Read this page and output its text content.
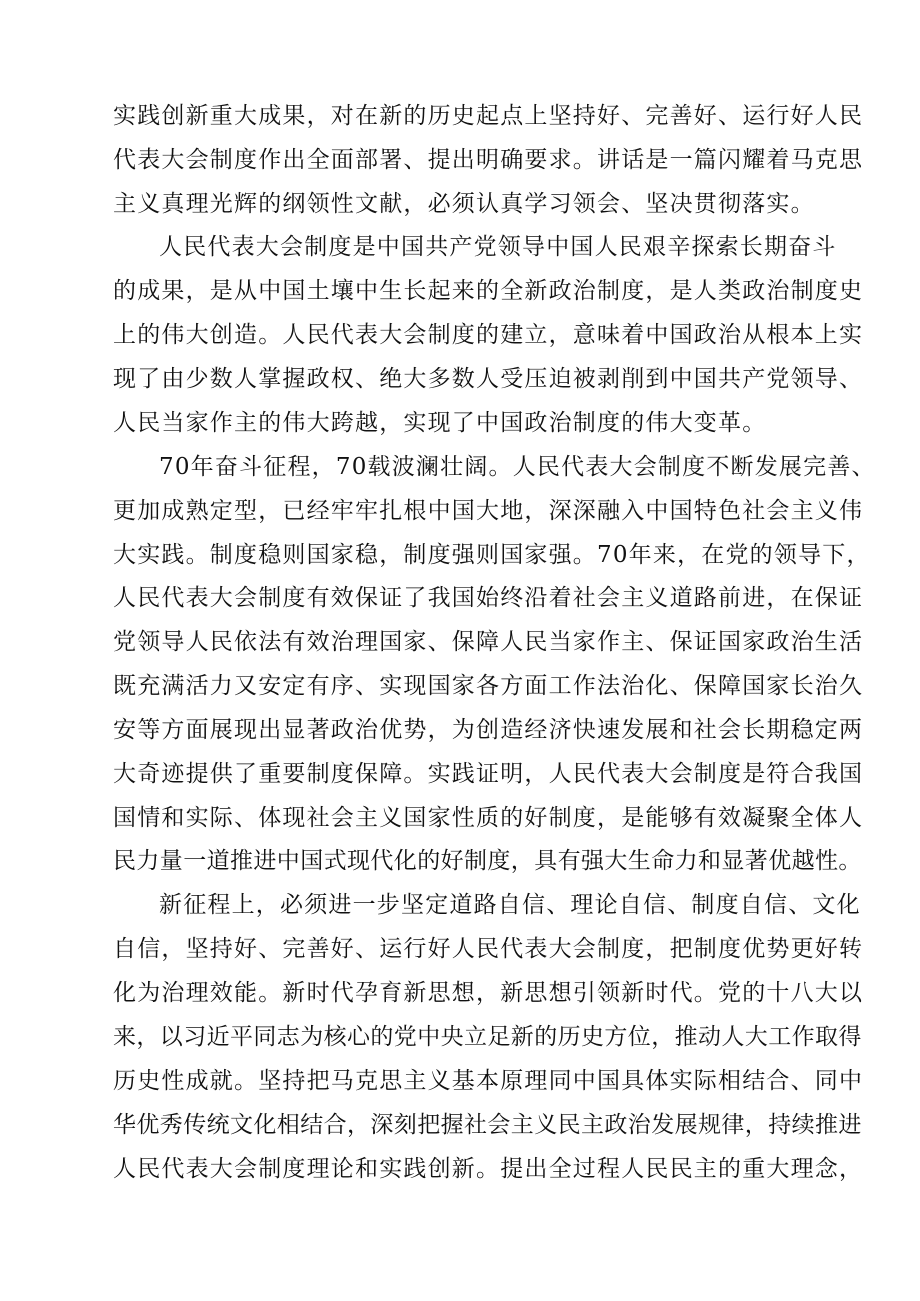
实践创新重大成果，对在新的历史起点上坚持好、完善好、运行好人民
代表大会制度作出全面部署、提出明确要求。讲话是一篇闪耀着马克思
主义真理光辉的纲领性文献，必须认真学习领会、坚决贯彻落实。
人民代表大会制度是中国共产党领导中国人民艰辛探索长期奋斗
的成果，是从中国土壤中生长起来的全新政治制度，是人类政治制度史
上的伟大创造。人民代表大会制度的建立，意味着中国政治从根本上实
现了由少数人掌握政权、绝大多数人受压迫被剥削到中国共产党领导、
人民当家作主的伟大跨越，实现了中国政治制度的伟大变革。
70年奋斗征程，70载波澜壮阔。人民代表大会制度不断发展完善、
更加成熟定型，已经牢牢扎根中国大地，深深融入中国特色社会主义伟
大实践。制度稳则国家稳，制度强则国家强。70年来，在党的领导下，
人民代表大会制度有效保证了我国始终沿着社会主义道路前进，在保证
党领导人民依法有效治理国家、保障人民当家作主、保证国家政治生活
既充满活力又安定有序、实现国家各方面工作法治化、保障国家长治久
安等方面展现出显著政治优势，为创造经济快速发展和社会长期稳定两
大奇迹提供了重要制度保障。实践证明，人民代表大会制度是符合我国
国情和实际、体现社会主义国家性质的好制度，是能够有效凝聚全体人
民力量一道推进中国式现代化的好制度，具有强大生命力和显著优越性。
新征程上，必须进一步坚定道路自信、理论自信、制度自信、文化
自信，坚持好、完善好、运行好人民代表大会制度，把制度优势更好转
化为治理效能。新时代孕育新思想，新思想引领新时代。党的十八大以
来，以习近平同志为核心的党中央立足新的历史方位，推动人大工作取得
历史性成就。坚持把马克思主义基本原理同中国具体实际相结合、同中
华优秀传统文化相结合，深刻把握社会主义民主政治发展规律，持续推进
人民代表大会制度理论和实践创新。提出全过程人民民主的重大理念，
